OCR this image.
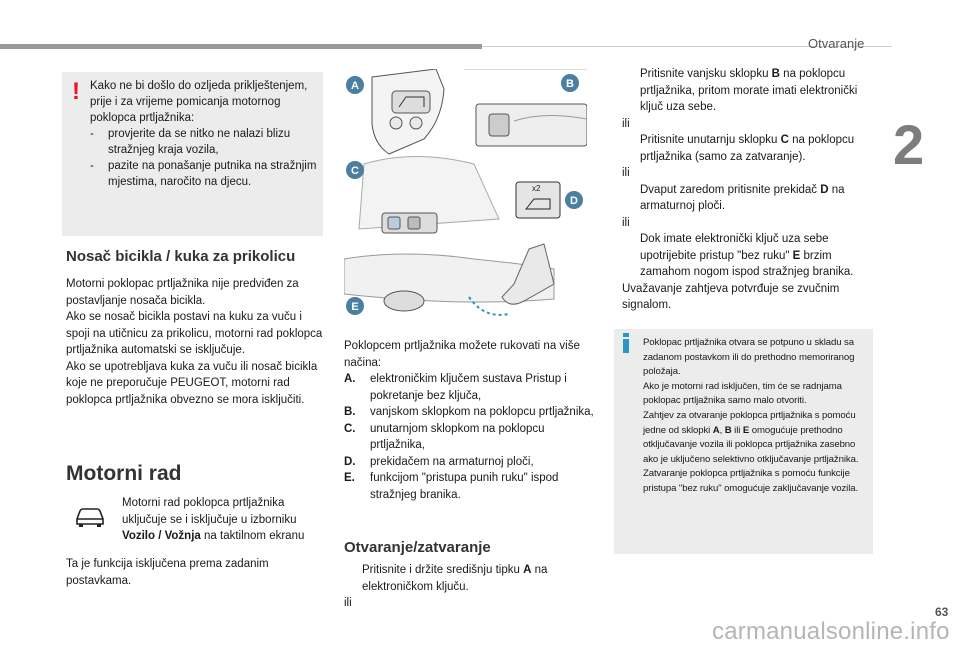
Otvaranje
2
! Kako ne bi došlo do ozljeda priklještenjem, prije i za vrijeme pomicanja motornog poklopca prtljažnika:

- provjerite da se nitko ne nalazi blizu stražnjeg kraja vozila,
- pazite na ponašanje putnika na stražnjim mjestima, naročito na djecu.
Nosač bicikla / kuka za prikolicu

Motorni poklopac prtljažnika nije predviđen za postavljanje nosača bicikla.

Ako se nosač bicikla postavi na kuku za vuču i spoji na utičnicu za prikolicu, motorni rad poklopca prtljažnika automatski se isključuje.

Ako se upotrebljava kuka za vuču ili nosač bicikla koje ne preporučuje PEUGEOT, motorni rad poklopca prtljažnika obvezno se mora isključiti.

Motorni rad
Motorni rad poklopca prtljažnika uključuje se i isključuje u izborniku Vozilo / Vožnja na taktilnom ekranu
Ta je funkcija isključena prema zadanim postavkama.
x2
A	B
C
D
E

Poklopcem prtljažnika možete rukovati na više načina:

A. elektroničkim ključem sustava Pristup i pokretanje bez ključa,
B. vanjskom sklopkom na poklopcu prtljažnika,
C. unutarnjom sklopkom na poklopcu prtljažnika,
D. prekidačem na armaturnoj ploči,
E. funkcijom "pristupa punih ruku" ispod stražnjeg branika.
Otvaranje/zatvaranje
Pritisnite i držite središnju tipku A na elektroničkom ključu.

ili

Pritisnite vanjsku sklopku B na poklopcu prtljažnika, pritom morate imati elektronički ključ uza sebe.

ili

Pritisnite unutarnju sklopku C na poklopcu prtljažnika (samo za zatvaranje).

ili

Dvaput zaredom pritisnite prekidač D na armaturnoj ploči.

ili

Dok imate elektronički ključ uza sebe upotrijebite pristup "bez ruku" E brzim zamahom nogom ispod stražnjeg branika.

Uvažavanje zahtjeva potvrđuje se zvučnim signalom.

Poklopac prtljažnika otvara se potpuno u skladu sa zadanom postavkom ili do prethodno memoriranog položaja.

Ako je motorni rad isključen, tim će se radnjama poklopac prtljažnika samo malo otvoriti.

Zahtjev za otvaranje poklopca prtljažnika s pomoću jedne od sklopki A, B ili E omogućuje prethodno otključavanje vozila ili poklopca prtljažnika zasebno ako je uključeno selektivno otključavanje prtljažnika.

Zatvaranje poklopca prtljažnika s pomoću funkcije pristupa "bez ruku" omogućuje zaključavanje vozila.

63
carmanualsonline.info
